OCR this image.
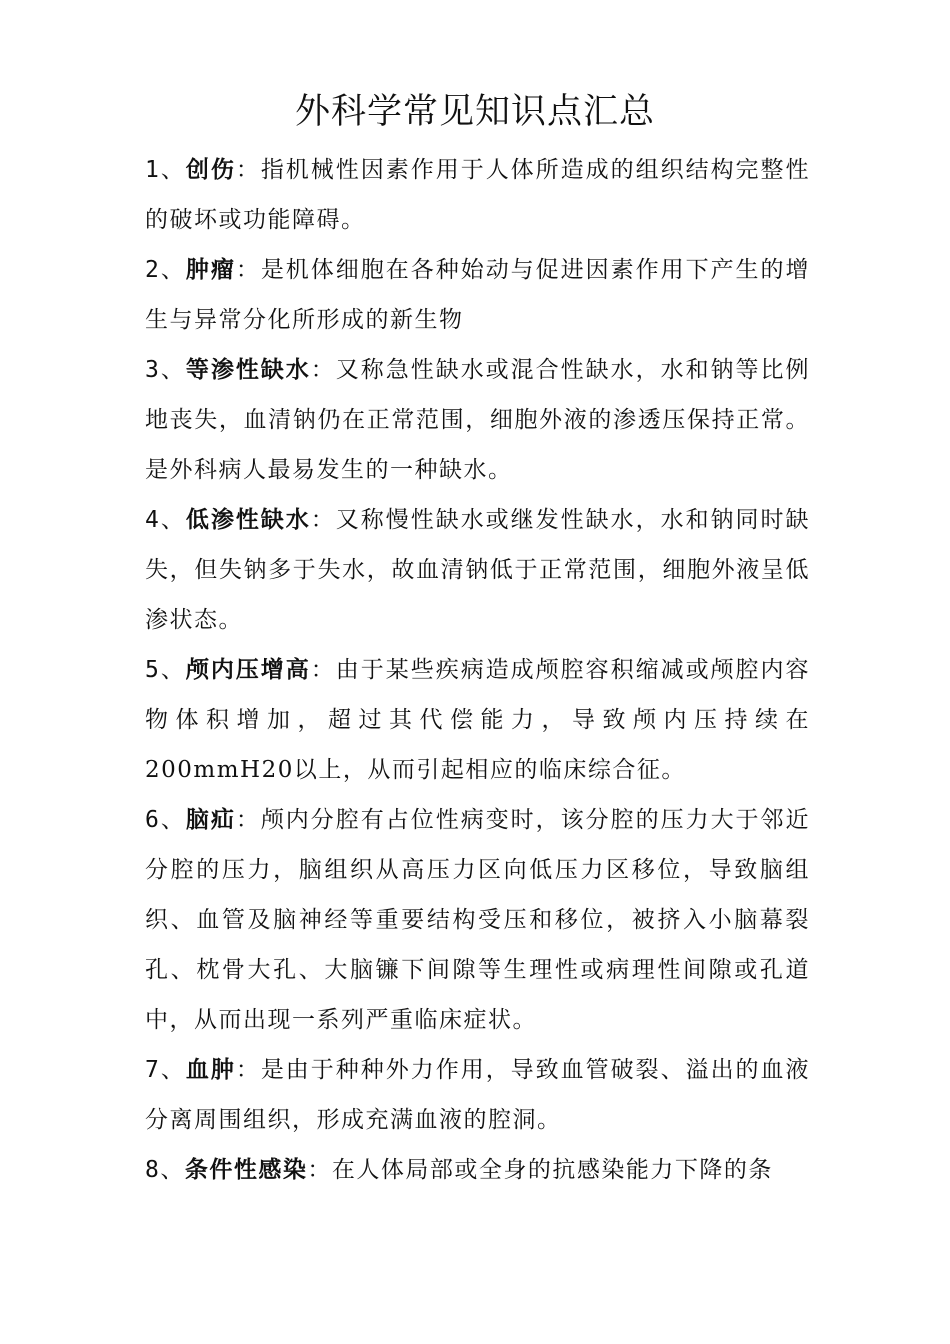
外科学常见知识点汇总

1、创伤：指机械性因素作用于人体所造成的组织结构完整性的破坏或功能障碍。

2、肿瘤：是机体细胞在各种始动与促进因素作用下产生的增生与异常分化所形成的新生物

3、等渗性缺水：又称急性缺水或混合性缺水，水和钠等比例地丧失，血清钠仍在正常范围，细胞外液的渗透压保持正常。是外科病人最易发生的一种缺水。

4、低渗性缺水：又称慢性缺水或继发性缺水，水和钠同时缺失，但失钠多于失水，故血清钠低于正常范围，细胞外液呈低渗状态。

5、颅内压增高：由于某些疾病造成颅腔容积缩减或颅腔内容物体积增加，超过其代偿能力，导致颅内压持续在200mmH20以上，从而引起相应的临床综合征。

6、脑疝：颅内分腔有占位性病变时，该分腔的压力大于邻近分腔的压力，脑组织从高压力区向低压力区移位，导致脑组织、血管及脑神经等重要结构受压和移位，被挤入小脑幕裂孔、枕骨大孔、大脑镰下间隙等生理性或病理性间隙或孔道中，从而出现一系列严重临床症状。

7、血肿：是由于种种外力作用，导致血管破裂、溢出的血液分离周围组织，形成充满血液的腔洞。

8、条件性感染：在人体局部或全身的抗感染能力下降的条
